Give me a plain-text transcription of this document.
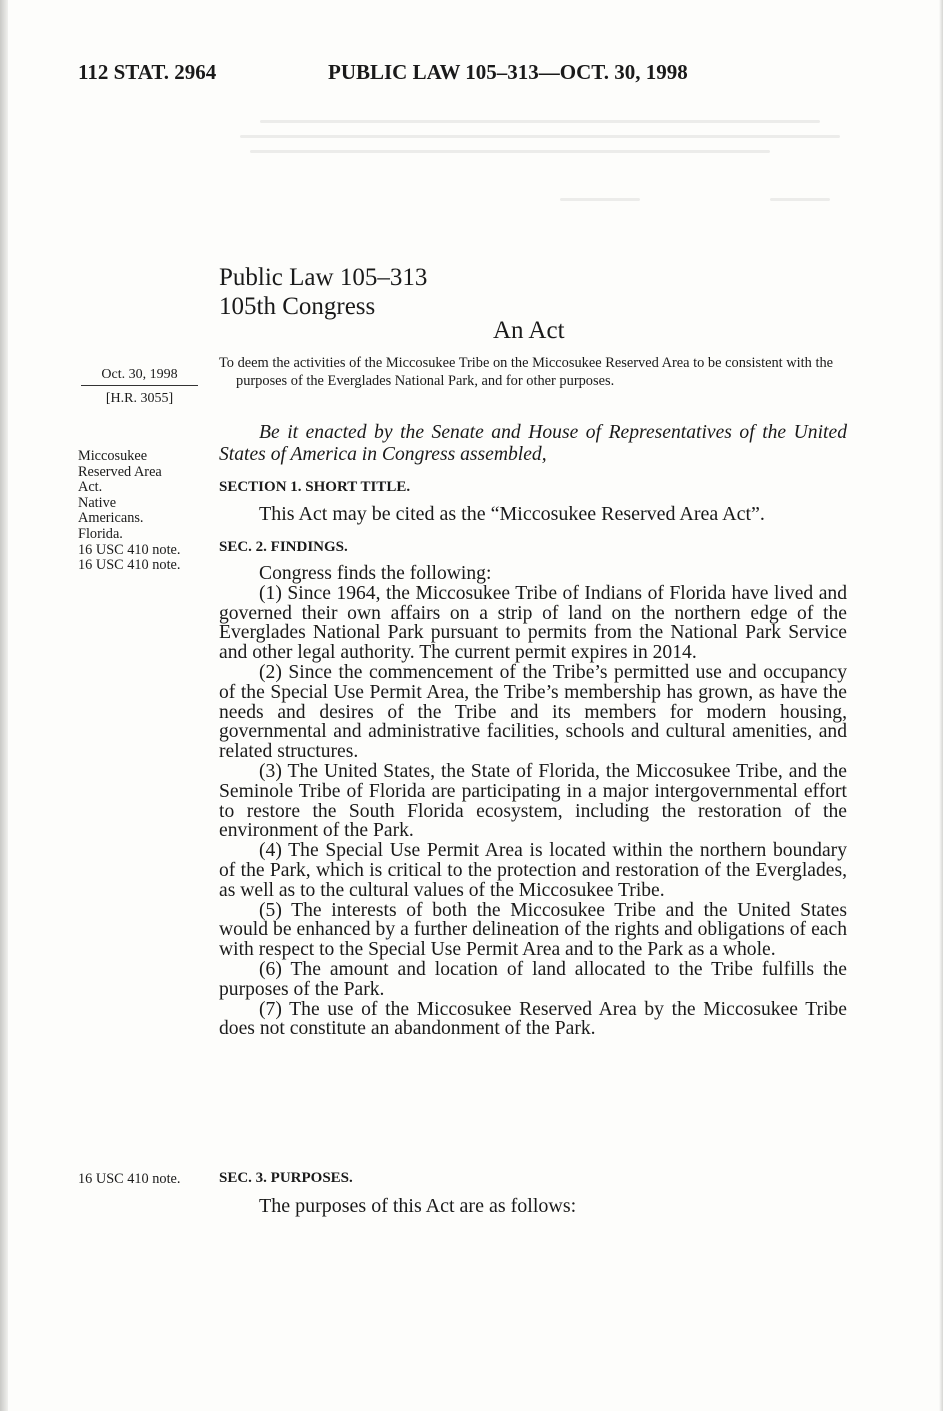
112 STAT. 2964	PUBLIC LAW 105–313—OCT. 30, 1998
Public Law 105–313
105th Congress
An Act
Oct. 30, 1998
[H.R. 3055]
To deem the activities of the Miccosukee Tribe on the Miccosukee Reserved Area to be consistent with the purposes of the Everglades National Park, and for other purposes.
Be it enacted by the Senate and House of Representatives of the United States of America in Congress assembled,
Miccosukee
Reserved Area
Act.
Native
Americans.
Florida.
16 USC 410 note.
16 USC 410 note.
SECTION 1. SHORT TITLE.
This Act may be cited as the “Miccosukee Reserved Area Act”.
SEC. 2. FINDINGS.
Congress finds the following:
(1) Since 1964, the Miccosukee Tribe of Indians of Florida have lived and governed their own affairs on a strip of land on the northern edge of the Everglades National Park pursuant to permits from the National Park Service and other legal authority. The current permit expires in 2014.
(2) Since the commencement of the Tribe’s permitted use and occupancy of the Special Use Permit Area, the Tribe’s membership has grown, as have the needs and desires of the Tribe and its members for modern housing, governmental and administrative facilities, schools and cultural amenities, and related structures.
(3) The United States, the State of Florida, the Miccosukee Tribe, and the Seminole Tribe of Florida are participating in a major intergovernmental effort to restore the South Florida ecosystem, including the restoration of the environment of the Park.
(4) The Special Use Permit Area is located within the northern boundary of the Park, which is critical to the protection and restoration of the Everglades, as well as to the cultural values of the Miccosukee Tribe.
(5) The interests of both the Miccosukee Tribe and the United States would be enhanced by a further delineation of the rights and obligations of each with respect to the Special Use Permit Area and to the Park as a whole.
(6) The amount and location of land allocated to the Tribe fulfills the purposes of the Park.
(7) The use of the Miccosukee Reserved Area by the Miccosukee Tribe does not constitute an abandonment of the Park.
16 USC 410 note.	SEC. 3. PURPOSES.
The purposes of this Act are as follows:
